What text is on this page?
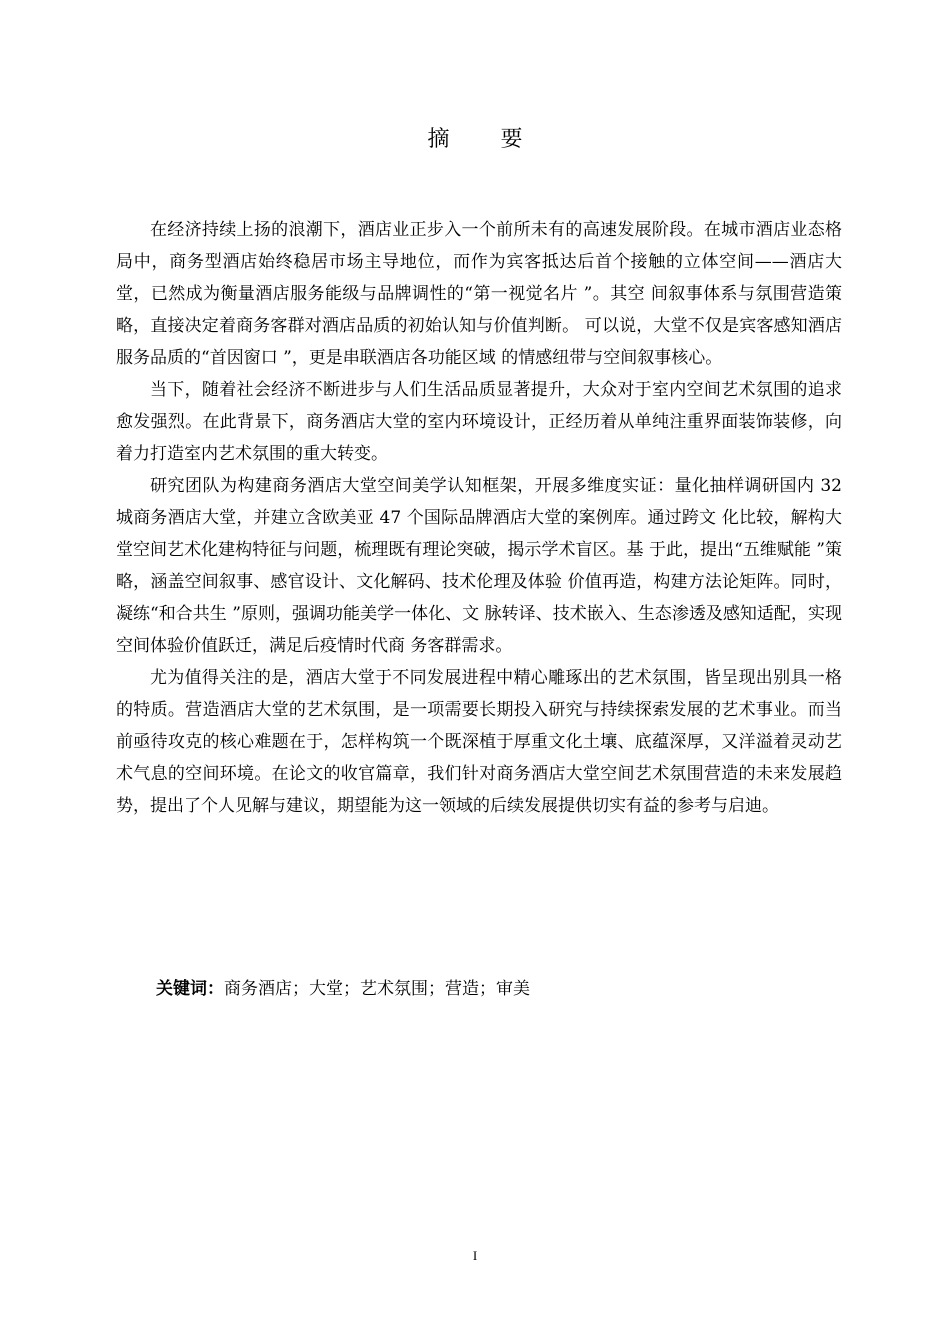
摘 要

在经济持续上扬的浪潮下，酒店业正步入一个前所未有的高速发展阶段。在城市酒店业态格局中，商务型酒店始终稳居市场主导地位，而作为宾客抵达后首个接触的立体空间——酒店大堂，已然成为衡量酒店服务能级与品牌调性的“第一视觉名片 ”。其空 间叙事体系与氛围营造策略，直接决定着商务客群对酒店品质的初始认知与价值判断。 可以说，大堂不仅是宾客感知酒店服务品质的“首因窗口 ”，更是串联酒店各功能区域 的情感纽带与空间叙事核心。

当下，随着社会经济不断进步与人们生活品质显著提升，大众对于室内空间艺术氛围的追求愈发强烈。在此背景下，商务酒店大堂的室内环境设计，正经历着从单纯注重界面装饰装修，向着力打造室内艺术氛围的重大转变。

研究团队为构建商务酒店大堂空间美学认知框架，开展多维度实证：量化抽样调研国内 32 城商务酒店大堂，并建立含欧美亚 47 个国际品牌酒店大堂的案例库。通过跨文 化比较，解构大堂空间艺术化建构特征与问题，梳理既有理论突破，揭示学术盲区。基 于此，提出“五维赋能 ”策略，涵盖空间叙事、感官设计、文化解码、技术伦理及体验 价值再造，构建方法论矩阵。同时，凝练“和合共生 ”原则，强调功能美学一体化、文 脉转译、技术嵌入、生态渗透及感知适配，实现空间体验价值跃迁，满足后疫情时代商 务客群需求。

尤为值得关注的是，酒店大堂于不同发展进程中精心雕琢出的艺术氛围，皆呈现出别具一格的特质。营造酒店大堂的艺术氛围，是一项需要长期投入研究与持续探索发展的艺术事业。而当前亟待攻克的核心难题在于，怎样构筑一个既深植于厚重文化土壤、底蕴深厚，又洋溢着灵动艺术气息的空间环境。在论文的收官篇章，我们针对商务酒店大堂空间艺术氛围营造的未来发展趋势，提出了个人见解与建议，期望能为这一领域的后续发展提供切实有益的参考与启迪。

关键词：商务酒店；大堂；艺术氛围；营造；审美
I
